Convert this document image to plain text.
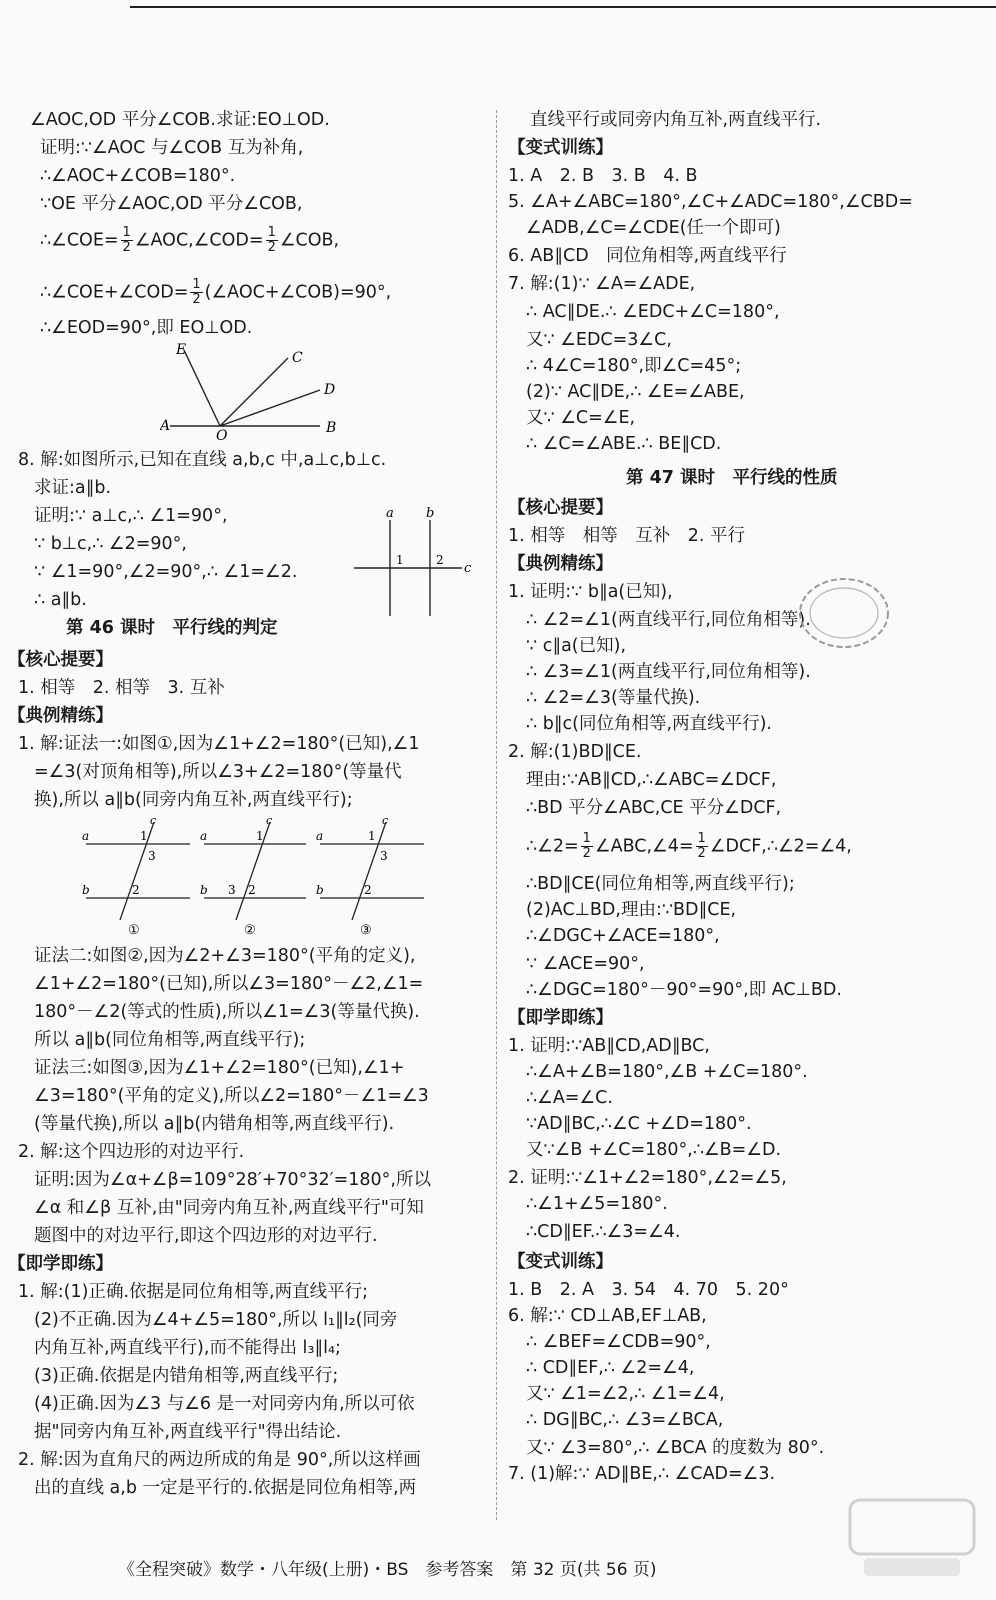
∠AOC,OD 平分∠COB.求证:EO⊥OD.
证明:∵∠AOC 与∠COB 互为补角,
∴∠AOC+∠COB=180°.
∵OE 平分∠AOC,OD 平分∠COB,
∴∠COE= $\frac{1}{2}$ ∠AOC,∠COD= $\frac{1}{2}$ ∠COB,
∴∠COE+∠COD= $\frac{1}{2}$ (∠AOC+∠COB)=90°,
∴∠EOD=90°,即 EO⊥OD.
E	C
D
A
O	B
8. 解:如图所示,已知在直线 a,b,c 中,a⊥c,b⊥c.
求证:a∥b.
证明:∵ a⊥c,∴ ∠1=90°,
∵ b⊥c,∴ ∠2=90°,
∵ ∠1=90°,∠2=90°,∴ ∠1=∠2.
∴ a∥b.
a b
c
1	2
第 46 课时　平行线的判定
【核心提要】
1. 相等　2. 相等　3. 互补
【典例精练】
1. 解:证法一:如图①,因为∠1+∠2=180°(已知),∠1
=∠3(对顶角相等),所以∠3+∠2=180°(等量代
换),所以 a∥b(同旁内角互补,两直线平行);
a
b
c
1
3
2
a
b
c
1
3 2
a
b
c
1
3
2
①	②	③
证法二:如图②,因为∠2+∠3=180°(平角的定义),
∠1+∠2=180°(已知),所以∠3=180°－∠2,∠1=
180°－∠2(等式的性质),所以∠1=∠3(等量代换).
所以 a∥b(同位角相等,两直线平行);
证法三:如图③,因为∠1+∠2=180°(已知),∠1+
∠3=180°(平角的定义),所以∠2=180°－∠1=∠3
(等量代换),所以 a∥b(内错角相等,两直线平行).
2. 解:这个四边形的对边平行.
证明:因为∠α+∠β=109°28′+70°32′=180°,所以
∠α 和∠β 互补,由"同旁内角互补,两直线平行"可知
题图中的对边平行,即这个四边形的对边平行.
【即学即练】
1. 解:(1)正确.依据是同位角相等,两直线平行;
(2)不正确.因为∠4+∠5=180°,所以 l₁∥l₂(同旁
内角互补,两直线平行),而不能得出 l₃∥l₄;
(3)正确.依据是内错角相等,两直线平行;
(4)正确.因为∠3 与∠6 是一对同旁内角,所以可依
据"同旁内角互补,两直线平行"得出结论.
2. 解:因为直角尺的两边所成的角是 90°,所以这样画
出的直线 a,b 一定是平行的.依据是同位角相等,两
直线平行或同旁内角互补,两直线平行.
【变式训练】
1. A　2. B　3. B　4. B
5. ∠A+∠ABC=180°,∠C+∠ADC=180°,∠CBD=
∠ADB,∠C=∠CDE(任一个即可)
6. AB∥CD　同位角相等,两直线平行
7. 解:(1)∵ ∠A=∠ADE,
∴ AC∥DE.∴ ∠EDC+∠C=180°,
又∵ ∠EDC=3∠C,
∴ 4∠C=180°,即∠C=45°;
(2)∵ AC∥DE,∴ ∠E=∠ABE,
又∵ ∠C=∠E,
∴ ∠C=∠ABE.∴ BE∥CD.
第 47 课时　平行线的性质
【核心提要】
1. 相等　相等　互补　2. 平行
【典例精练】
1. 证明:∵ b∥a(已知),
∴ ∠2=∠1(两直线平行,同位角相等).
∵ c∥a(已知),
∴ ∠3=∠1(两直线平行,同位角相等).
∴ ∠2=∠3(等量代换).
∴ b∥c(同位角相等,两直线平行).
2. 解:(1)BD∥CE.
理由:∵AB∥CD,∴∠ABC=∠DCF,
∴BD 平分∠ABC,CE 平分∠DCF,
∴∠2= $\frac{1}{2}$ ∠ABC,∠4= $\frac{1}{2}$ ∠DCF,∴∠2=∠4,
∴BD∥CE(同位角相等,两直线平行);
(2)AC⊥BD,理由:∵BD∥CE,
∴∠DGC+∠ACE=180°,
∵ ∠ACE=90°,
∴∠DGC=180°－90°=90°,即 AC⊥BD.
【即学即练】
1. 证明:∵AB∥CD,AD∥BC,
∴∠A+∠B=180°,∠B +∠C=180°.
∴∠A=∠C.
∵AD∥BC,∴∠C +∠D=180°.
又∵∠B +∠C=180°,∴∠B=∠D.
2. 证明:∵∠1+∠2=180°,∠2=∠5,
∴∠1+∠5=180°.
∴CD∥EF.∴∠3=∠4.
【变式训练】
1. B　2. A　3. 54　4. 70　5. 20°
6. 解:∵ CD⊥AB,EF⊥AB,
∴ ∠BEF=∠CDB=90°,
∴ CD∥EF,∴ ∠2=∠4,
又∵ ∠1=∠2,∴ ∠1=∠4,
∴ DG∥BC,∴ ∠3=∠BCA,
又∵ ∠3=80°,∴ ∠BCA 的度数为 80°.
7. (1)解:∵ AD∥BE,∴ ∠CAD=∠3.
《全程突破》数学・八年级(上册)・BS　参考答案　第 32 页(共 56 页)
